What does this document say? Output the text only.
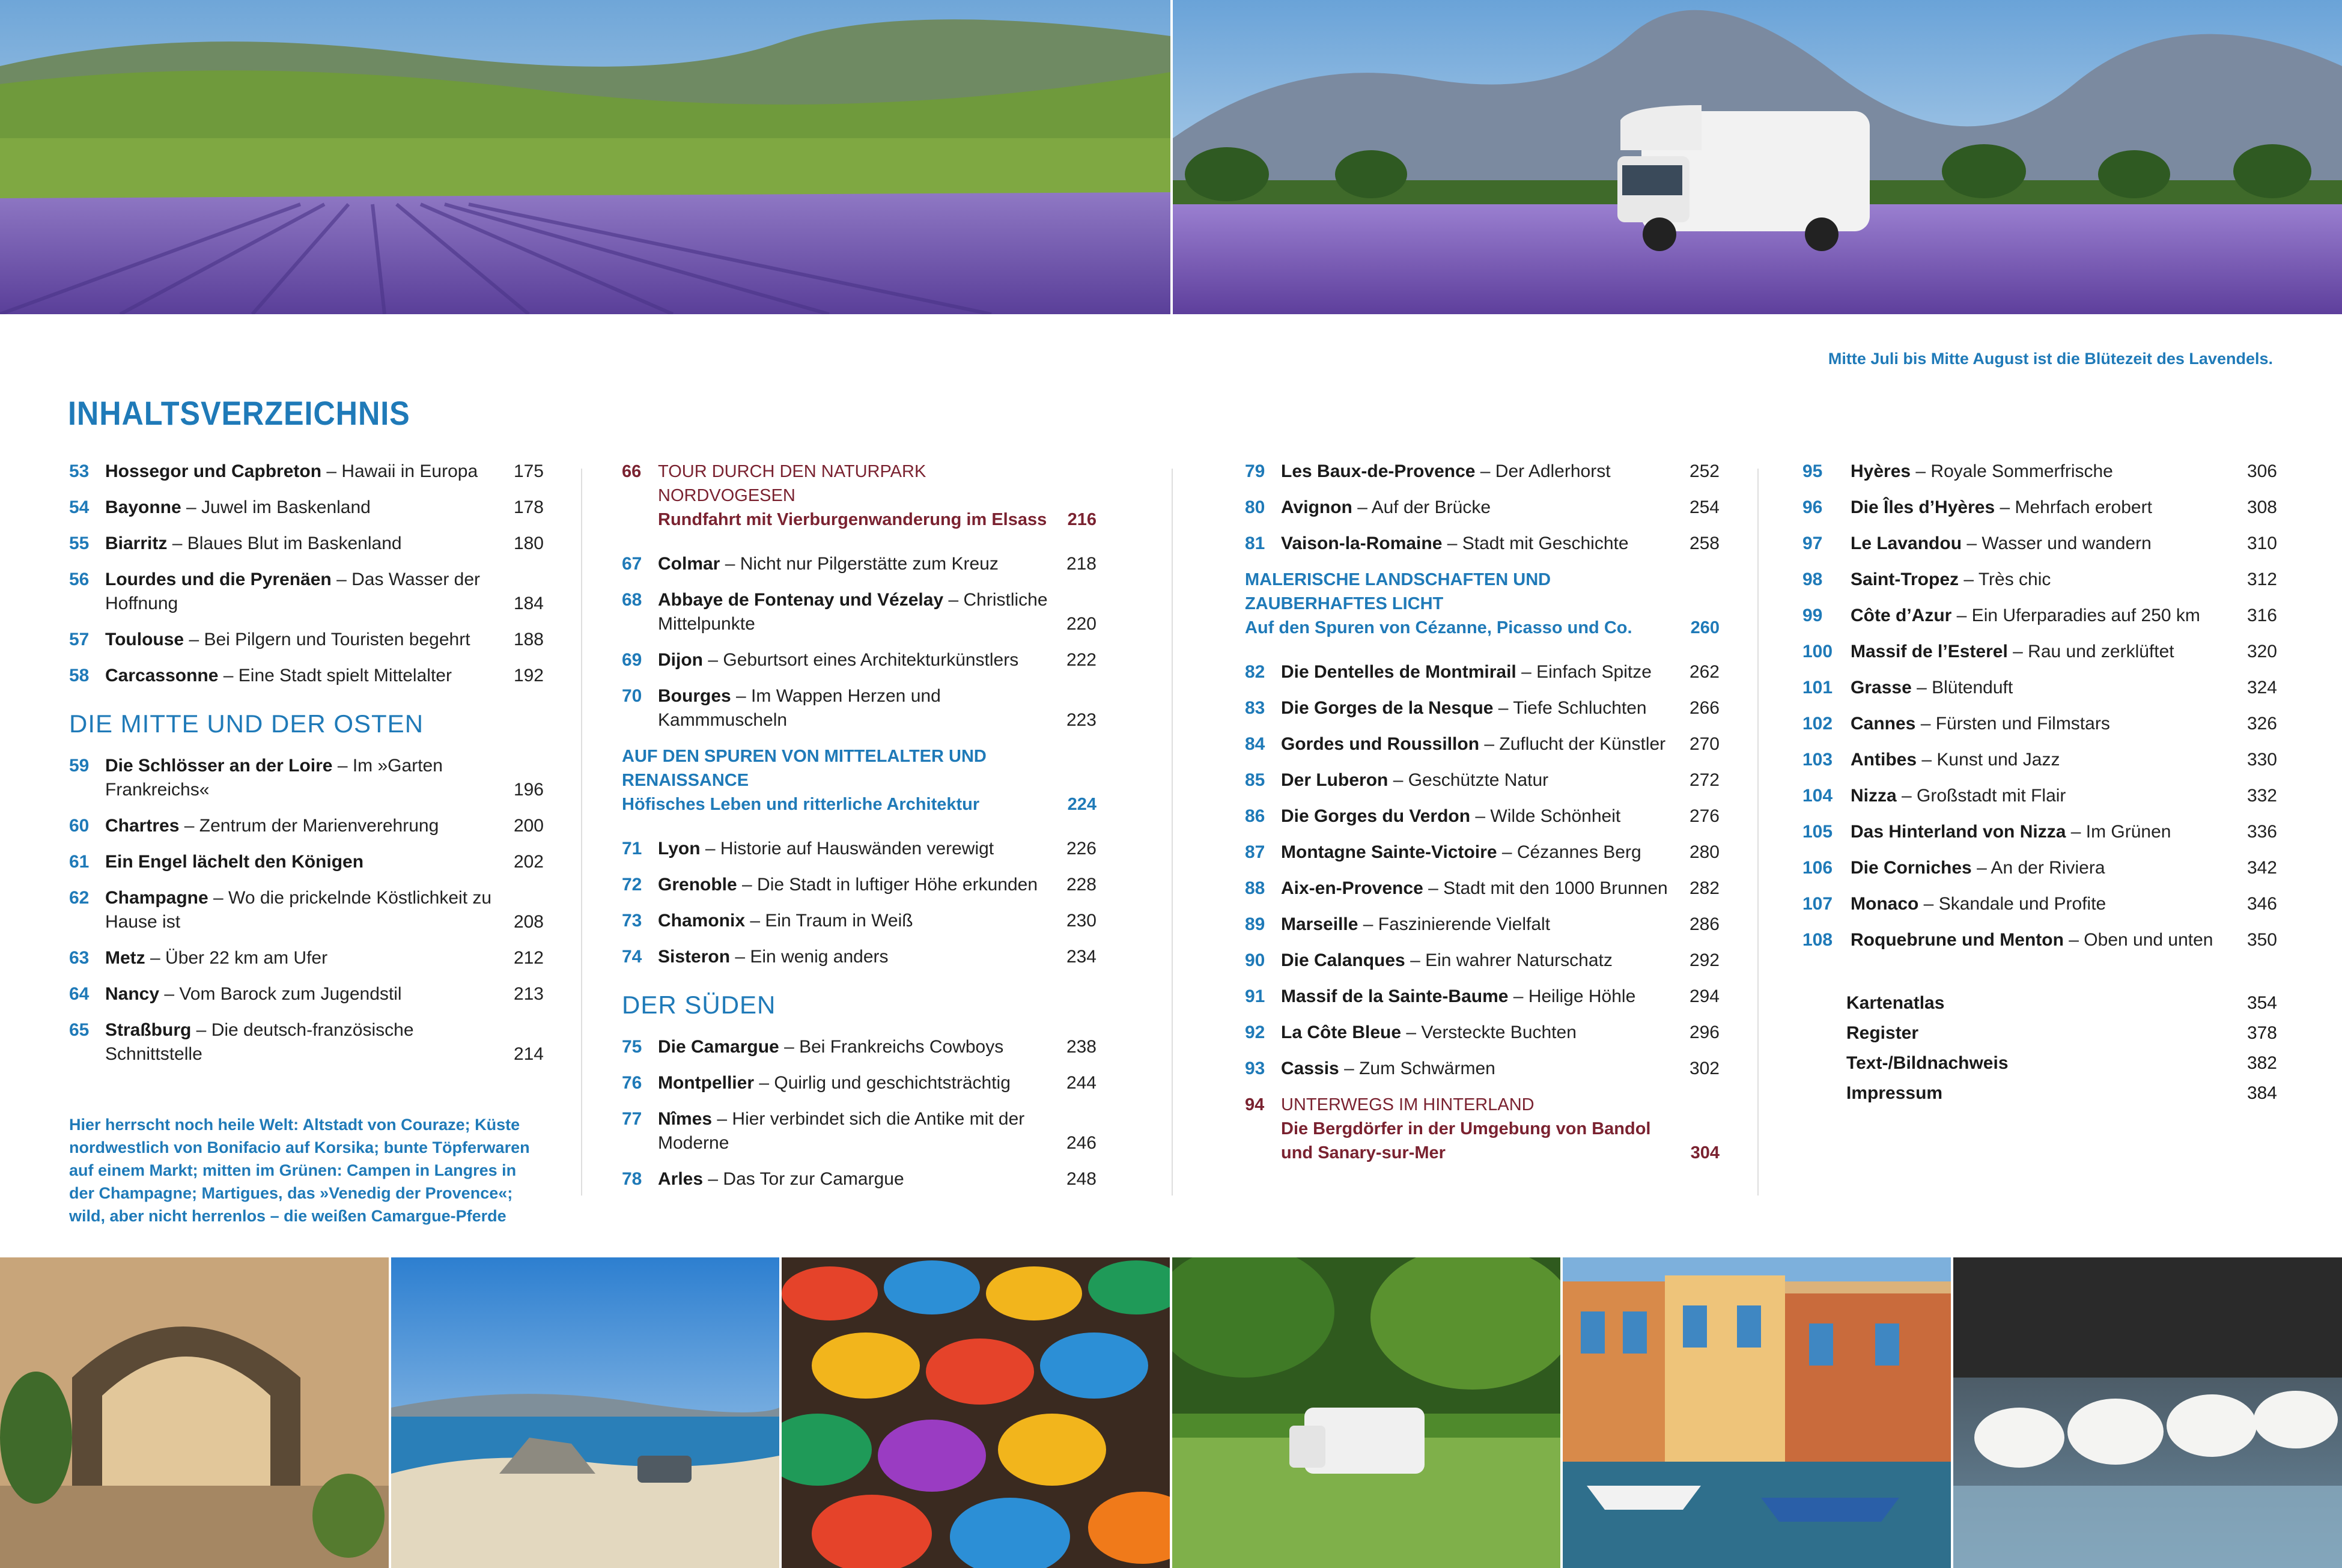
Mitte Juli bis Mitte August ist die Blütezeit des Lavendels.
INHALTSVERZEICHNIS
53 Hossegor und Capbreton – Hawaii in Europa	175
54 Bayonne – Juwel im Baskenland	178
55 Biarritz – Blaues Blut im Baskenland	180
56 Lourdes und die Pyrenäen – Das Wasser der Hoffnung	184
57 Toulouse – Bei Pilgern und Touristen begehrt	188
58 Carcassonne – Eine Stadt spielt Mittelalter	192
DIE MITTE UND DER OSTEN
59 Die Schlösser an der Loire – Im »Garten Frankreichs«	196
60 Chartres – Zentrum der Marienverehrung	200
61 Ein Engel lächelt den Königen	202
62 Champagne – Wo die prickelnde Köstlichkeit zu Hause ist	208
63 Metz – Über 22 km am Ufer	212
64 Nancy – Vom Barock zum Jugendstil	213
65 Straßburg – Die deutsch-französische Schnittstelle	214
66 TOUR DURCH DEN NATURPARK NORDVOGESEN
Rundfahrt mit Vierburgenwanderung im Elsass	216
67 Colmar – Nicht nur Pilgerstätte zum Kreuz	218
68 Abbaye de Fontenay und Vézelay – Christliche Mittelpunkte	220
69 Dijon – Geburtsort eines Architekturkünstlers	222
70 Bourges – Im Wappen Herzen und Kammmuscheln	223
AUF DEN SPUREN VON MITTELALTER UND RENAISSANCE
Höfisches Leben und ritterliche Architektur	224
71 Lyon – Historie auf Hauswänden verewigt	226
72 Grenoble – Die Stadt in luftiger Höhe erkunden	228
73 Chamonix – Ein Traum in Weiß	230
74 Sisteron – Ein wenig anders	234
DER SÜDEN
75 Die Camargue – Bei Frankreichs Cowboys	238
76 Montpellier – Quirlig und geschichtsträchtig	244
77 Nîmes – Hier verbindet sich die Antike mit der Moderne	246
78 Arles – Das Tor zur Camargue	248
79 Les Baux-de-Provence – Der Adlerhorst	252
80 Avignon – Auf der Brücke	254
81 Vaison-la-Romaine – Stadt mit Geschichte	258
MALERISCHE LANDSCHAFTEN UND ZAUBERHAFTES LICHT
Auf den Spuren von Cézanne, Picasso und Co.	260
82 Die Dentelles de Montmirail – Einfach Spitze	262
83 Die Gorges de la Nesque – Tiefe Schluchten	266
84 Gordes und Roussillon – Zuflucht der Künstler	270
85 Der Luberon – Geschützte Natur	272
86 Die Gorges du Verdon – Wilde Schönheit	276
87 Montagne Sainte-Victoire – Cézannes Berg	280
88 Aix-en-Provence – Stadt mit den 1000 Brunnen	282
89 Marseille – Faszinierende Vielfalt	286
90 Die Calanques – Ein wahrer Naturschatz	292
91 Massif de la Sainte-Baume – Heilige Höhle	294
92 La Côte Bleue – Versteckte Buchten	296
93 Cassis – Zum Schwärmen	302
94 UNTERWEGS IM HINTERLAND
Die Bergdörfer in der Umgebung von Bandol und Sanary-sur-Mer	304
95	Hyères – Royale Sommerfrische	306
96	Die Îles d’Hyères – Mehrfach erobert	308
97	Le Lavandou – Wasser und wandern	310
98	Saint-Tropez – Très chic	312
99	Côte d’Azur – Ein Uferparadies auf 250 km	316
100 Massif de l’Esterel – Rau und zerklüftet	320
101 Grasse – Blütenduft	324
102 Cannes – Fürsten und Filmstars	326
103 Antibes – Kunst und Jazz	330
104 Nizza – Großstadt mit Flair	332
105 Das Hinterland von Nizza – Im Grünen	336
106 Die Corniches – An der Riviera	342
107 Monaco – Skandale und Profite	346
108 Roquebrune und Menton – Oben und unten	350
Kartenatlas	354
Register	378
Text-/Bildnachweis	382
Impressum	384
Hier herrscht noch heile Welt: Altstadt von Couraze; Küste nordwestlich von Bonifacio auf Korsika; bunte Töpferwaren auf einem Markt; mitten im Grünen: Campen in Langres in der Champagne; Martigues, das »Venedig der Provence«; wild, aber nicht herrenlos – die weißen Camargue-Pferde
